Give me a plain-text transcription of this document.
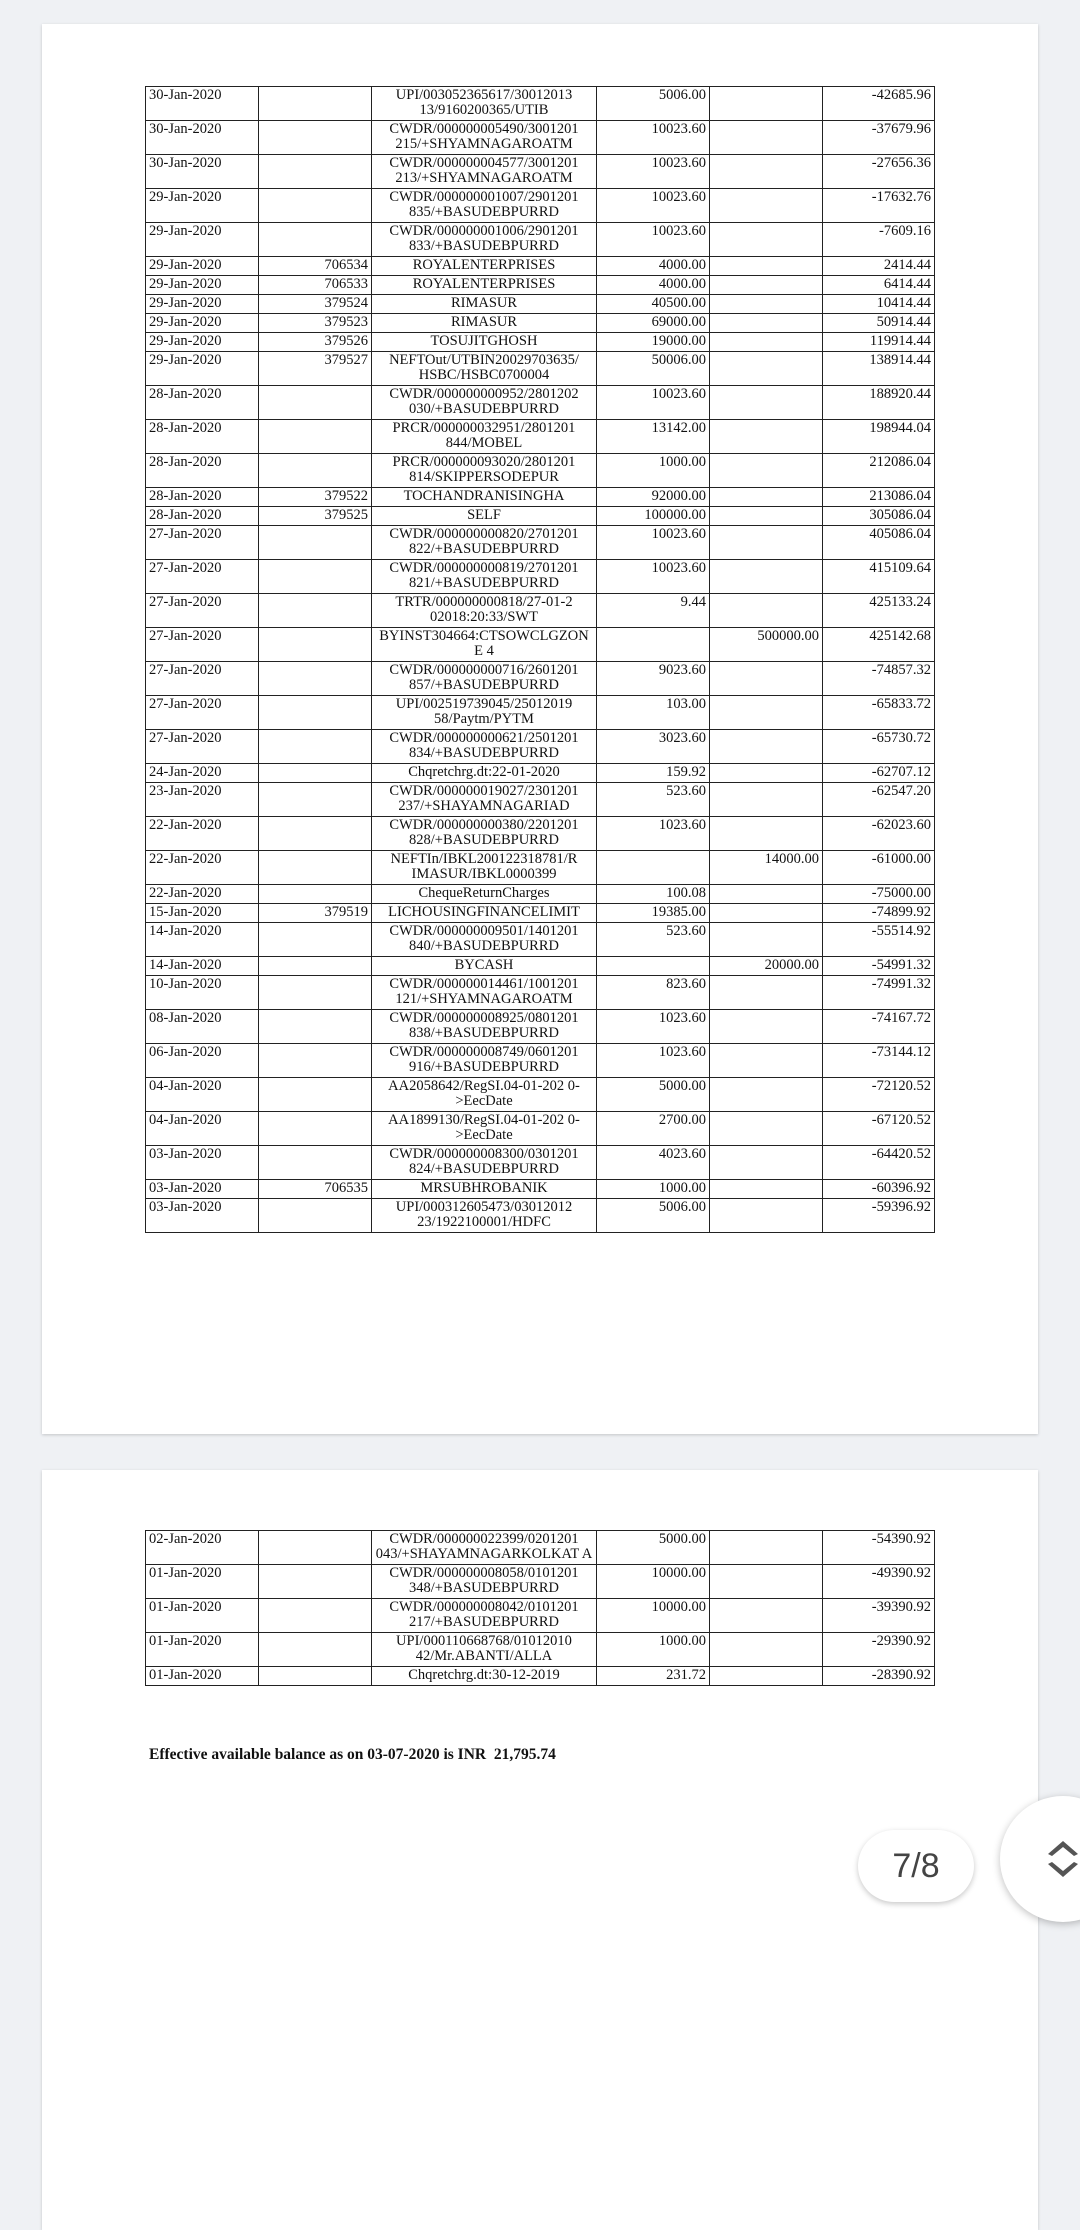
30-Jan-2020		UPI/003052365617/30012013 13/9160200365/UTIB	5006.00		-42685.96
30-Jan-2020		CWDR/000000005490/3001201 215/+SHYAMNAGAROATM	10023.60		-37679.96
30-Jan-2020		CWDR/000000004577/3001201 213/+SHYAMNAGAROATM	10023.60		-27656.36
29-Jan-2020		CWDR/000000001007/2901201 835/+BASUDEBPURRD	10023.60		-17632.76
29-Jan-2020		CWDR/000000001006/2901201 833/+BASUDEBPURRD	10023.60		-7609.16
29-Jan-2020	706534	ROYALENTERPRISES	4000.00		2414.44
29-Jan-2020	706533	ROYALENTERPRISES	4000.00		6414.44
29-Jan-2020	379524	RIMASUR	40500.00		10414.44
29-Jan-2020	379523	RIMASUR	69000.00		50914.44
29-Jan-2020	379526	TOSUJITGHOSH	19000.00		119914.44
29-Jan-2020	379527	NEFTOut/UTBIN20029703635/ HSBC/HSBC0700004	50006.00		138914.44
28-Jan-2020		CWDR/000000000952/2801202 030/+BASUDEBPURRD	10023.60		188920.44
28-Jan-2020		PRCR/000000032951/2801201 844/MOBEL	13142.00		198944.04
28-Jan-2020		PRCR/000000093020/2801201 814/SKIPPERSODEPUR	1000.00		212086.04
28-Jan-2020	379522	TOCHANDRANISINGHA	92000.00		213086.04
28-Jan-2020	379525	SELF	100000.00		305086.04
27-Jan-2020		CWDR/000000000820/2701201 822/+BASUDEBPURRD	10023.60		405086.04
27-Jan-2020		CWDR/000000000819/2701201 821/+BASUDEBPURRD	10023.60		415109.64
27-Jan-2020		TRTR/000000000818/27-01-2 02018:20:33/SWT	9.44		425133.24
27-Jan-2020		BYINST304664:CTSOWCLGZON E 4		500000.00	425142.68
27-Jan-2020		CWDR/000000000716/2601201 857/+BASUDEBPURRD	9023.60		-74857.32
27-Jan-2020		UPI/002519739045/25012019 58/Paytm/PYTM	103.00		-65833.72
27-Jan-2020		CWDR/000000000621/2501201 834/+BASUDEBPURRD	3023.60		-65730.72
24-Jan-2020		Chqretchrg.dt:22-01-2020	159.92		-62707.12
23-Jan-2020		CWDR/000000019027/2301201 237/+SHAYAMNAGARIAD	523.60		-62547.20
22-Jan-2020		CWDR/000000000380/2201201 828/+BASUDEBPURRD	1023.60		-62023.60
22-Jan-2020		NEFTIn/IBKL200122318781/R IMASUR/IBKL0000399		14000.00	-61000.00
22-Jan-2020		ChequeReturnCharges	100.08		-75000.00
15-Jan-2020	379519	LICHOUSINGFINANCELIMIT	19385.00		-74899.92
14-Jan-2020		CWDR/000000009501/1401201 840/+BASUDEBPURRD	523.60		-55514.92
14-Jan-2020		BYCASH		20000.00	-54991.32
10-Jan-2020		CWDR/000000014461/1001201 121/+SHYAMNAGAROATM	823.60		-74991.32
08-Jan-2020		CWDR/000000008925/0801201 838/+BASUDEBPURRD	1023.60		-74167.72
06-Jan-2020		CWDR/000000008749/0601201 916/+BASUDEBPURRD	1023.60		-73144.12
04-Jan-2020		AA2058642/RegSI.04-01-202 0->EecDate	5000.00		-72120.52
04-Jan-2020		AA1899130/RegSI.04-01-202 0->EecDate	2700.00		-67120.52
03-Jan-2020		CWDR/000000008300/0301201 824/+BASUDEBPURRD	4023.60		-64420.52
03-Jan-2020	706535	MRSUBHROBANIK	1000.00		-60396.92
03-Jan-2020		UPI/000312605473/03012012 23/1922100001/HDFC	5006.00		-59396.92
02-Jan-2020		CWDR/000000022399/0201201 043/+SHAYAMNAGARKOLKAT A	5000.00		-54390.92
01-Jan-2020		CWDR/000000008058/0101201 348/+BASUDEBPURRD	10000.00		-49390.92
01-Jan-2020		CWDR/000000008042/0101201 217/+BASUDEBPURRD	10000.00		-39390.92
01-Jan-2020		UPI/000110668768/01012010 42/Mr.ABANTI/ALLA	1000.00		-29390.92
01-Jan-2020		Chqretchrg.dt:30-12-2019	231.72		-28390.92
Effective available balance as on 03-07-2020 is INR  21,795.74
7/8
